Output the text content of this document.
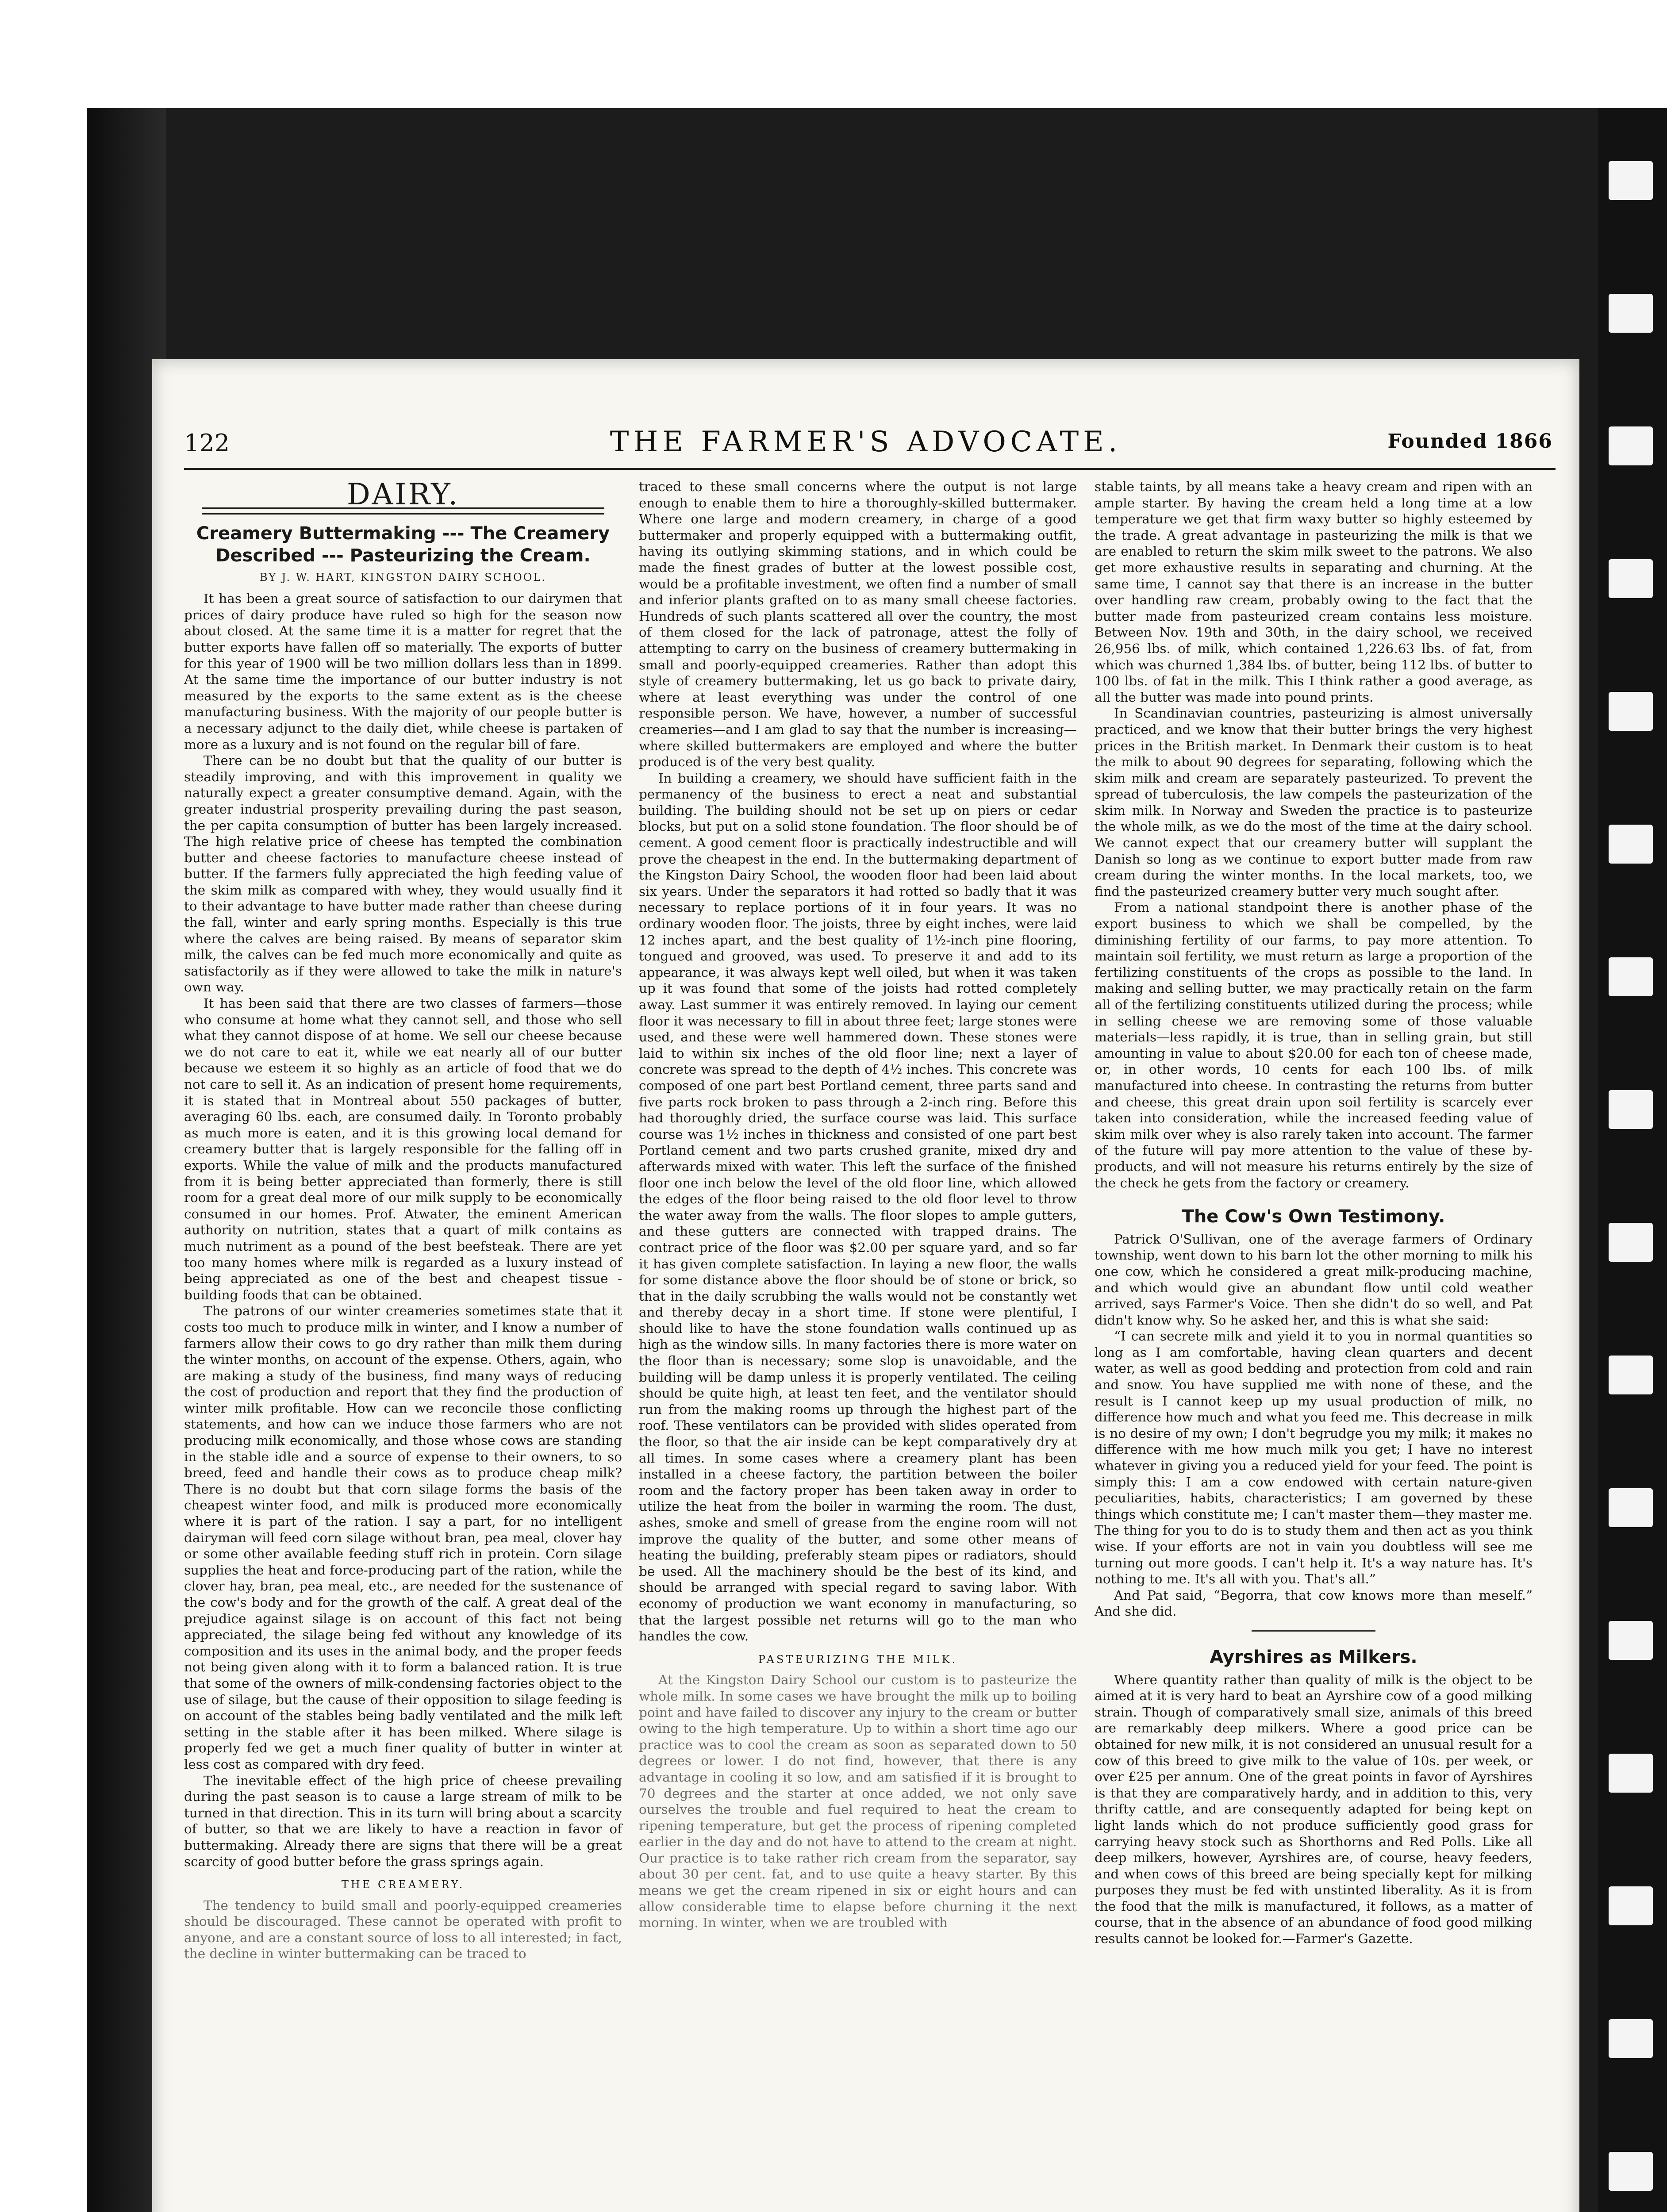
122	THE FARMER'S ADVOCATE.	Founded 1866
DAIRY.
Creamery Buttermaking --- The Creamery Described --- Pasteurizing the Cream.
BY J. W. HART, KINGSTON DAIRY SCHOOL.

It has been a great source of satisfaction to our dairymen that prices of dairy produce have ruled so high for the season now about closed. At the same time it is a matter for regret that the butter exports have fallen off so materially. The exports of butter for this year of 1900 will be two million dollars less than in 1899. At the same time the importance of our butter industry is not measured by the exports to the same extent as is the cheese manufacturing business. With the majority of our people butter is a necessary adjunct to the daily diet, while cheese is partaken of more as a luxury and is not found on the regular bill of fare.

There can be no doubt but that the quality of our butter is steadily improving, and with this improvement in quality we naturally expect a greater consumptive demand. Again, with the greater industrial prosperity prevailing during the past season, the per capita consumption of butter has been largely increased. The high relative price of cheese has tempted the combination butter and cheese factories to manufacture cheese instead of butter. If the farmers fully appreciated the high feeding value of the skim milk as compared with whey, they would usually find it to their advantage to have butter made rather than cheese during the fall, winter and early spring months. Especially is this true where the calves are being raised. By means of separator skim milk, the calves can be fed much more economically and quite as satisfactorily as if they were allowed to take the milk in nature's own way.

It has been said that there are two classes of farmers—those who consume at home what they cannot sell, and those who sell what they cannot dispose of at home. We sell our cheese because we do not care to eat it, while we eat nearly all of our butter because we esteem it so highly as an article of food that we do not care to sell it. As an indication of present home requirements, it is stated that in Montreal about 550 packages of butter, averaging 60 lbs. each, are consumed daily. In Toronto probably as much more is eaten, and it is this growing local demand for creamery butter that is largely responsible for the falling off in exports. While the value of milk and the products manufactured from it is being better appreciated than formerly, there is still room for a great deal more of our milk supply to be economically consumed in our homes. Prof. Atwater, the eminent American authority on nutrition, states that a quart of milk contains as much nutriment as a pound of the best beefsteak. There are yet too many homes where milk is regarded as a luxury instead of being appreciated as one of the best and cheapest tissue - building foods that can be obtained.

The patrons of our winter creameries sometimes state that it costs too much to produce milk in winter, and I know a number of farmers allow their cows to go dry rather than milk them during the winter months, on account of the expense. Others, again, who are making a study of the business, find many ways of reducing the cost of production and report that they find the production of winter milk profitable. How can we reconcile those conflicting statements, and how can we induce those farmers who are not producing milk economically, and those whose cows are standing in the stable idle and a source of expense to their owners, to so breed, feed and handle their cows as to produce cheap milk? There is no doubt but that corn silage forms the basis of the cheapest winter food, and milk is produced more economically where it is part of the ration. I say a part, for no intelligent dairyman will feed corn silage without bran, pea meal, clover hay or some other available feeding stuff rich in protein. Corn silage supplies the heat and force-producing part of the ration, while the clover hay, bran, pea meal, etc., are needed for the sustenance of the cow's body and for the growth of the calf. A great deal of the prejudice against silage is on account of this fact not being appreciated, the silage being fed without any knowledge of its composition and its uses in the animal body, and the proper feeds not being given along with it to form a balanced ration. It is true that some of the owners of milk-condensing factories object to the use of silage, but the cause of their opposition to silage feeding is on account of the stables being badly ventilated and the milk left setting in the stable after it has been milked. Where silage is properly fed we get a much finer quality of butter in winter at less cost as compared with dry feed.

The inevitable effect of the high price of cheese prevailing during the past season is to cause a large stream of milk to be turned in that direction. This in its turn will bring about a scarcity of butter, so that we are likely to have a reaction in favor of buttermaking. Already there are signs that there will be a great scarcity of good butter before the grass springs again.

THE CREAMERY.

The tendency to build small and poorly-equipped creameries should be discouraged. These cannot be operated with profit to anyone, and are a constant source of loss to all interested; in fact, the decline in winter buttermaking can be traced to

traced to these small concerns where the output is not large enough to enable them to hire a thoroughly-skilled buttermaker. Where one large and modern creamery, in charge of a good buttermaker and properly equipped with a buttermaking outfit, having its outlying skimming stations, and in which could be made the finest grades of butter at the lowest possible cost, would be a profitable investment, we often find a number of small and inferior plants grafted on to as many small cheese factories. Hundreds of such plants scattered all over the country, the most of them closed for the lack of patronage, attest the folly of attempting to carry on the business of creamery buttermaking in small and poorly-equipped creameries. Rather than adopt this style of creamery buttermaking, let us go back to private dairy, where at least everything was under the control of one responsible person. We have, however, a number of successful creameries—and I am glad to say that the number is increasing—where skilled buttermakers are employed and where the butter produced is of the very best quality.

In building a creamery, we should have sufficient faith in the permanency of the business to erect a neat and substantial building. The building should not be set up on piers or cedar blocks, but put on a solid stone foundation. The floor should be of cement. A good cement floor is practically indestructible and will prove the cheapest in the end. In the buttermaking department of the Kingston Dairy School, the wooden floor had been laid about six years. Under the separators it had rotted so badly that it was necessary to replace portions of it in four years. It was no ordinary wooden floor. The joists, three by eight inches, were laid 12 inches apart, and the best quality of 1½-inch pine flooring, tongued and grooved, was used. To preserve it and add to its appearance, it was always kept well oiled, but when it was taken up it was found that some of the joists had rotted completely away. Last summer it was entirely removed. In laying our cement floor it was necessary to fill in about three feet; large stones were used, and these were well hammered down. These stones were laid to within six inches of the old floor line; next a layer of concrete was spread to the depth of 4½ inches. This concrete was composed of one part best Portland cement, three parts sand and five parts rock broken to pass through a 2-inch ring. Before this had thoroughly dried, the surface course was laid. This surface course was 1½ inches in thickness and consisted of one part best Portland cement and two parts crushed granite, mixed dry and afterwards mixed with water. This left the surface of the finished floor one inch below the level of the old floor line, which allowed the edges of the floor being raised to the old floor level to throw the water away from the walls. The floor slopes to ample gutters, and these gutters are connected with trapped drains. The contract price of the floor was $2.00 per square yard, and so far it has given complete satisfaction. In laying a new floor, the walls for some distance above the floor should be of stone or brick, so that in the daily scrubbing the walls would not be constantly wet and thereby decay in a short time. If stone were plentiful, I should like to have the stone foundation walls continued up as high as the window sills. In many factories there is more water on the floor than is necessary; some slop is unavoidable, and the building will be damp unless it is properly ventilated. The ceiling should be quite high, at least ten feet, and the ventilator should run from the making rooms up through the highest part of the roof. These ventilators can be provided with slides operated from the floor, so that the air inside can be kept comparatively dry at all times. In some cases where a creamery plant has been installed in a cheese factory, the partition between the boiler room and the factory proper has been taken away in order to utilize the heat from the boiler in warming the room. The dust, ashes, smoke and smell of grease from the engine room will not improve the quality of the butter, and some other means of heating the building, preferably steam pipes or radiators, should be used. All the machinery should be the best of its kind, and should be arranged with special regard to saving labor. With economy of production we want economy in manufacturing, so that the largest possible net returns will go to the man who handles the cow.

PASTEURIZING THE MILK.

At the Kingston Dairy School our custom is to pasteurize the whole milk. In some cases we have brought the milk up to boiling point and have failed to discover any injury to the cream or butter owing to the high temperature. Up to within a short time ago our practice was to cool the cream as soon as separated down to 50 degrees or lower. I do not find, however, that there is any advantage in cooling it so low, and am satisfied if it is brought to 70 degrees and the starter at once added, we not only save ourselves the trouble and fuel required to heat the cream to ripening temperature, but get the process of ripening completed earlier in the day and do not have to attend to the cream at night. Our practice is to take rather rich cream from the separator, say about 30 per cent. fat, and to use quite a heavy starter. By this means we get the cream ripened in six or eight hours and can allow considerable time to elapse before churning it the next morning. In winter, when we are troubled with

stable taints, by all means take a heavy cream and ripen with an ample starter. By having the cream held a long time at a low temperature we get that firm waxy butter so highly esteemed by the trade. A great advantage in pasteurizing the milk is that we are enabled to return the skim milk sweet to the patrons. We also get more exhaustive results in separating and churning. At the same time, I cannot say that there is an increase in the butter over handling raw cream, probably owing to the fact that the butter made from pasteurized cream contains less moisture. Between Nov. 19th and 30th, in the dairy school, we received 26,956 lbs. of milk, which contained 1,226.63 lbs. of fat, from which was churned 1,384 lbs. of butter, being 112 lbs. of butter to 100 lbs. of fat in the milk. This I think rather a good average, as all the butter was made into pound prints.

In Scandinavian countries, pasteurizing is almost universally practiced, and we know that their butter brings the very highest prices in the British market. In Denmark their custom is to heat the milk to about 90 degrees for separating, following which the skim milk and cream are separately pasteurized. To prevent the spread of tuberculosis, the law compels the pasteurization of the skim milk. In Norway and Sweden the practice is to pasteurize the whole milk, as we do the most of the time at the dairy school. We cannot expect that our creamery butter will supplant the Danish so long as we continue to export butter made from raw cream during the winter months. In the local markets, too, we find the pasteurized creamery butter very much sought after.

From a national standpoint there is another phase of the export business to which we shall be compelled, by the diminishing fertility of our farms, to pay more attention. To maintain soil fertility, we must return as large a proportion of the fertilizing constituents of the crops as possible to the land. In making and selling butter, we may practically retain on the farm all of the fertilizing constituents utilized during the process; while in selling cheese we are removing some of those valuable materials—less rapidly, it is true, than in selling grain, but still amounting in value to about $20.00 for each ton of cheese made, or, in other words, 10 cents for each 100 lbs. of milk manufactured into cheese. In contrasting the returns from butter and cheese, this great drain upon soil fertility is scarcely ever taken into consideration, while the increased feeding value of skim milk over whey is also rarely taken into account. The farmer of the future will pay more attention to the value of these by-products, and will not measure his returns entirely by the size of the check he gets from the factory or creamery.

The Cow's Own Testimony.

Patrick O'Sullivan, one of the average farmers of Ordinary township, went down to his barn lot the other morning to milk his one cow, which he considered a great milk-producing machine, and which would give an abundant flow until cold weather arrived, says Farmer's Voice. Then she didn't do so well, and Pat didn't know why. So he asked her, and this is what she said:

“I can secrete milk and yield it to you in normal quantities so long as I am comfortable, having clean quarters and decent water, as well as good bedding and protection from cold and rain and snow. You have supplied me with none of these, and the result is I cannot keep up my usual production of milk, no difference how much and what you feed me. This decrease in milk is no desire of my own; I don't begrudge you my milk; it makes no difference with me how much milk you get; I have no interest whatever in giving you a reduced yield for your feed. The point is simply this: I am a cow endowed with certain nature-given peculiarities, habits, characteristics; I am governed by these things which constitute me; I can't master them—they master me. The thing for you to do is to study them and then act as you think wise. If your efforts are not in vain you doubtless will see me turning out more goods. I can't help it. It's a way nature has. It's nothing to me. It's all with you. That's all.”

And Pat said, “Begorra, that cow knows more than meself.” And she did.

Ayrshires as Milkers.

Where quantity rather than quality of milk is the object to be aimed at it is very hard to beat an Ayrshire cow of a good milking strain. Though of comparatively small size, animals of this breed are remarkably deep milkers. Where a good price can be obtained for new milk, it is not considered an unusual result for a cow of this breed to give milk to the value of 10s. per week, or over £25 per annum. One of the great points in favor of Ayrshires is that they are comparatively hardy, and in addition to this, very thrifty cattle, and are consequently adapted for being kept on light lands which do not produce sufficiently good grass for carrying heavy stock such as Shorthorns and Red Polls. Like all deep milkers, however, Ayrshires are, of course, heavy feeders, and when cows of this breed are being specially kept for milking purposes they must be fed with unstinted liberality. As it is from the food that the milk is manufactured, it follows, as a matter of course, that in the absence of an abundance of food good milking results cannot be looked for.—Farmer's Gazette.
